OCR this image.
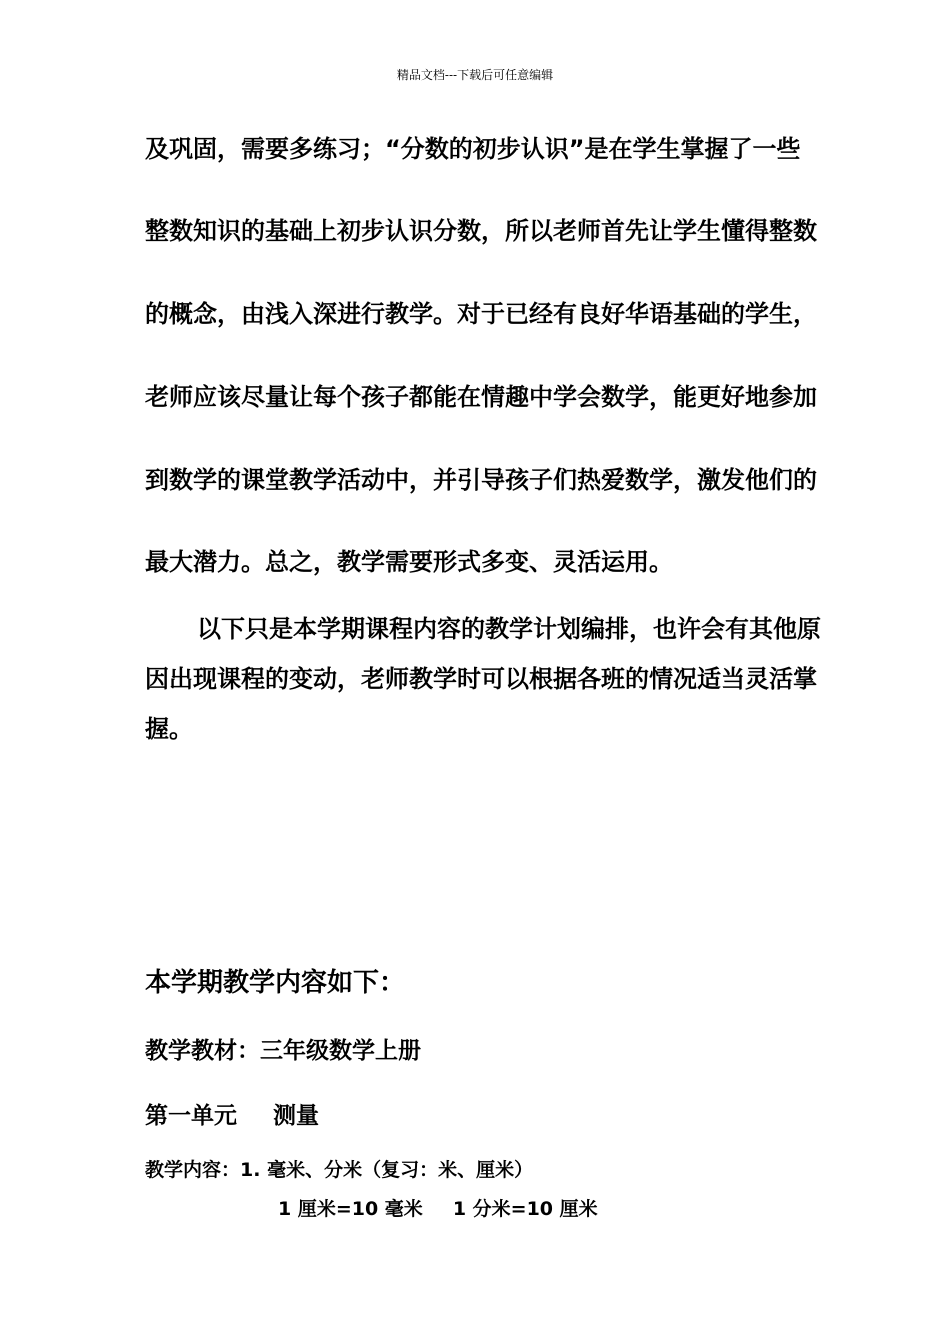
精品文档---下载后可任意编辑
及巩固，需要多练习；“分数的初步认识”是在学生掌握了一些
整数知识的基础上初步认识分数，所以老师首先让学生懂得整数
的概念，由浅入深进行教学。对于已经有良好华语基础的学生，
老师应该尽量让每个孩子都能在情趣中学会数学，能更好地参加
到数学的课堂教学活动中，并引导孩子们热爱数学，激发他们的
最大潜力。总之，教学需要形式多变、灵活运用。
以下只是本学期课程内容的教学计划编排，也许会有其他原
因出现课程的变动，老师教学时可以根据各班的情况适当灵活掌
握。
本学期教学内容如下：
教学教材：三年级数学上册
第一单元 测量
教学内容：1. 毫米、分米（复习：米、厘米）
1 厘米=10 毫米 1 分米=10 厘米
